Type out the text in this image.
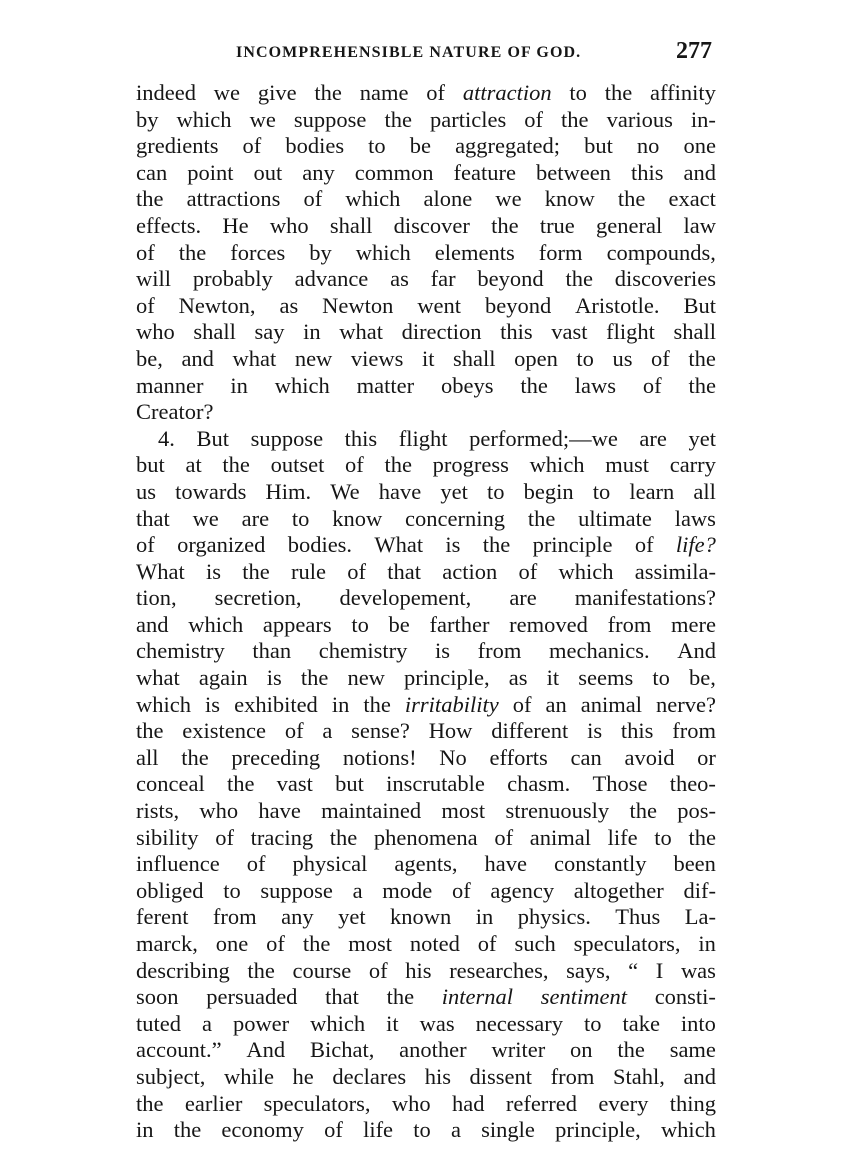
INCOMPREHENSIBLE NATURE OF GOD.	277
indeed we give the name of attraction to the affinity
by which we suppose the particles of the various in-
gredients of bodies to be aggregated; but no one
can point out any common feature between this and
the attractions of which alone we know the exact
effects. He who shall discover the true general law
of the forces by which elements form compounds,
will probably advance as far beyond the discoveries
of Newton, as Newton went beyond Aristotle. But
who shall say in what direction this vast flight shall
be, and what new views it shall open to us of the
manner in which matter obeys the laws of the
Creator?
4. But suppose this flight performed;—we are yet
but at the outset of the progress which must carry
us towards Him. We have yet to begin to learn all
that we are to know concerning the ultimate laws
of organized bodies. What is the principle of life?
What is the rule of that action of which assimila-
tion, secretion, developement, are manifestations?
and which appears to be farther removed from mere
chemistry than chemistry is from mechanics. And
what again is the new principle, as it seems to be,
which is exhibited in the irritability of an animal nerve?
the existence of a sense? How different is this from
all the preceding notions! No efforts can avoid or
conceal the vast but inscrutable chasm. Those theo-
rists, who have maintained most strenuously the pos-
sibility of tracing the phenomena of animal life to the
influence of physical agents, have constantly been
obliged to suppose a mode of agency altogether dif-
ferent from any yet known in physics. Thus La-
marck, one of the most noted of such speculators, in
describing the course of his researches, says, “ I was
soon persuaded that the internal sentiment consti-
tuted a power which it was necessary to take into
account.” And Bichat, another writer on the same
subject, while he declares his dissent from Stahl, and
the earlier speculators, who had referred every thing
in the economy of life to a single principle, which
